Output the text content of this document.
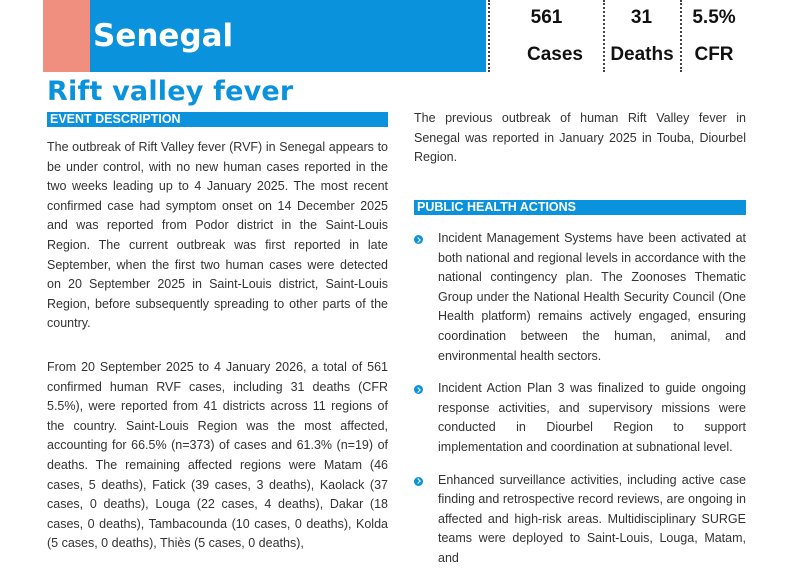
Senegal
561
Cases
31
Deaths
5.5%
CFR
Rift valley fever
EVENT DESCRIPTION

The outbreak of Rift Valley fever (RVF) in Senegal appears to be under control, with no new human cases reported in the two weeks leading up to 4 January 2025. The most recent confirmed case had symptom onset on 14 December 2025 and was reported from Podor district in the Saint-Louis Region. The current outbreak was first reported in late September, when the first two human cases were detected on 20 September 2025 in Saint-Louis district, Saint-Louis Region, before subsequently spreading to other parts of the country.

From 20 September 2025 to 4 January 2026, a total of 561 confirmed human RVF cases, including 31 deaths (CFR 5.5%), were reported from 41 districts across 11 regions of the country. Saint-Louis Region was the most affected, accounting for 66.5% (n=373) of cases and 61.3% (n=19) of deaths. The remaining affected regions were Matam (46 cases, 5 deaths), Fatick (39 cases, 3 deaths), Kaolack (37 cases, 0 deaths), Louga (22 cases, 4 deaths), Dakar (18 cases, 0 deaths), Tambacounda (10 cases, 0 deaths), Kolda (5 cases, 0 deaths), Thiès (5 cases, 0 deaths),

The previous outbreak of human Rift Valley fever in Senegal was reported in January 2025 in Touba, Diourbel Region.

PUBLIC HEALTH ACTIONS
Incident Management Systems have been activated at both national and regional levels in accordance with the national contingency plan. The Zoonoses Thematic Group under the National Health Security Council (One Health platform) remains actively engaged, ensuring coordination between the human, animal, and environmental health sectors.
Incident Action Plan 3 was finalized to guide ongoing response activities, and supervisory missions were conducted in Diourbel Region to support implementation and coordination at subnational level.
Enhanced surveillance activities, including active case finding and retrospective record reviews, are ongoing in affected and high-risk areas. Multidisciplinary SURGE teams were deployed to Saint-Louis, Louga, Matam, and
